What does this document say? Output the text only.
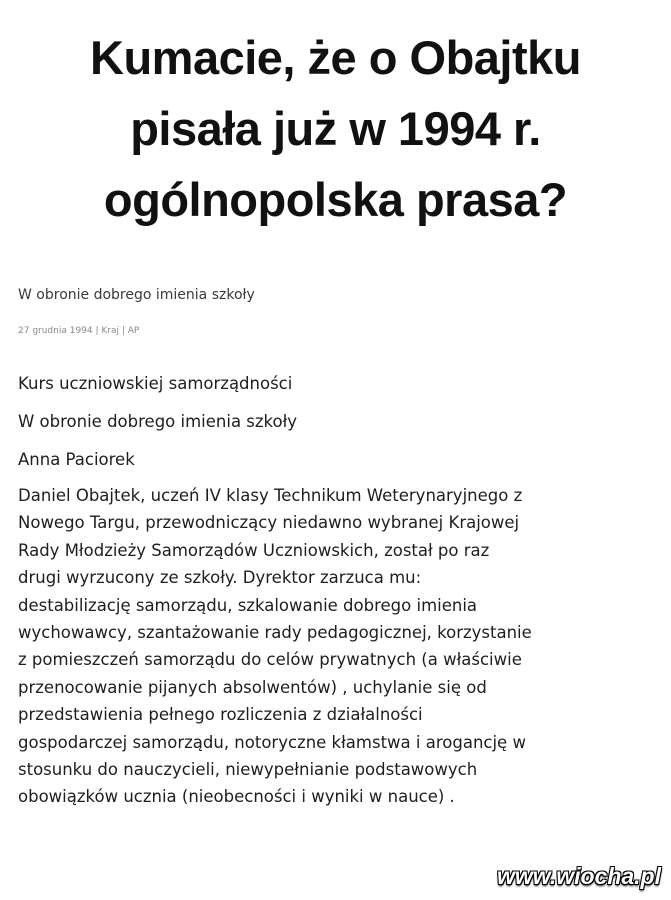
Kumacie, że o Obajtku
pisała już w 1994 r.
ogólnopolska prasa?
W obronie dobrego imienia szkoły
27 grudnia 1994 | Kraj | AP
Kurs uczniowskiej samorządności
W obronie dobrego imienia szkoły
Anna Paciorek
Daniel Obajtek, uczeń IV klasy Technikum Weterynaryjnego z
Nowego Targu, przewodniczący niedawno wybranej Krajowej
Rady Młodzieży Samorządów Uczniowskich, został po raz
drugi wyrzucony ze szkoły. Dyrektor zarzuca mu:
destabilizację samorządu, szkalowanie dobrego imienia
wychowawcy, szantażowanie rady pedagogicznej, korzystanie
z pomieszczeń samorządu do celów prywatnych (a właściwie
przenocowanie pijanych absolwentów) , uchylanie się od
przedstawienia pełnego rozliczenia z działalności
gospodarczej samorządu, notoryczne kłamstwa i arogancję w
stosunku do nauczycieli, niewypełnianie podstawowych
obowiązków ucznia (nieobecności i wyniki w nauce) .
www.wiocha.pl
